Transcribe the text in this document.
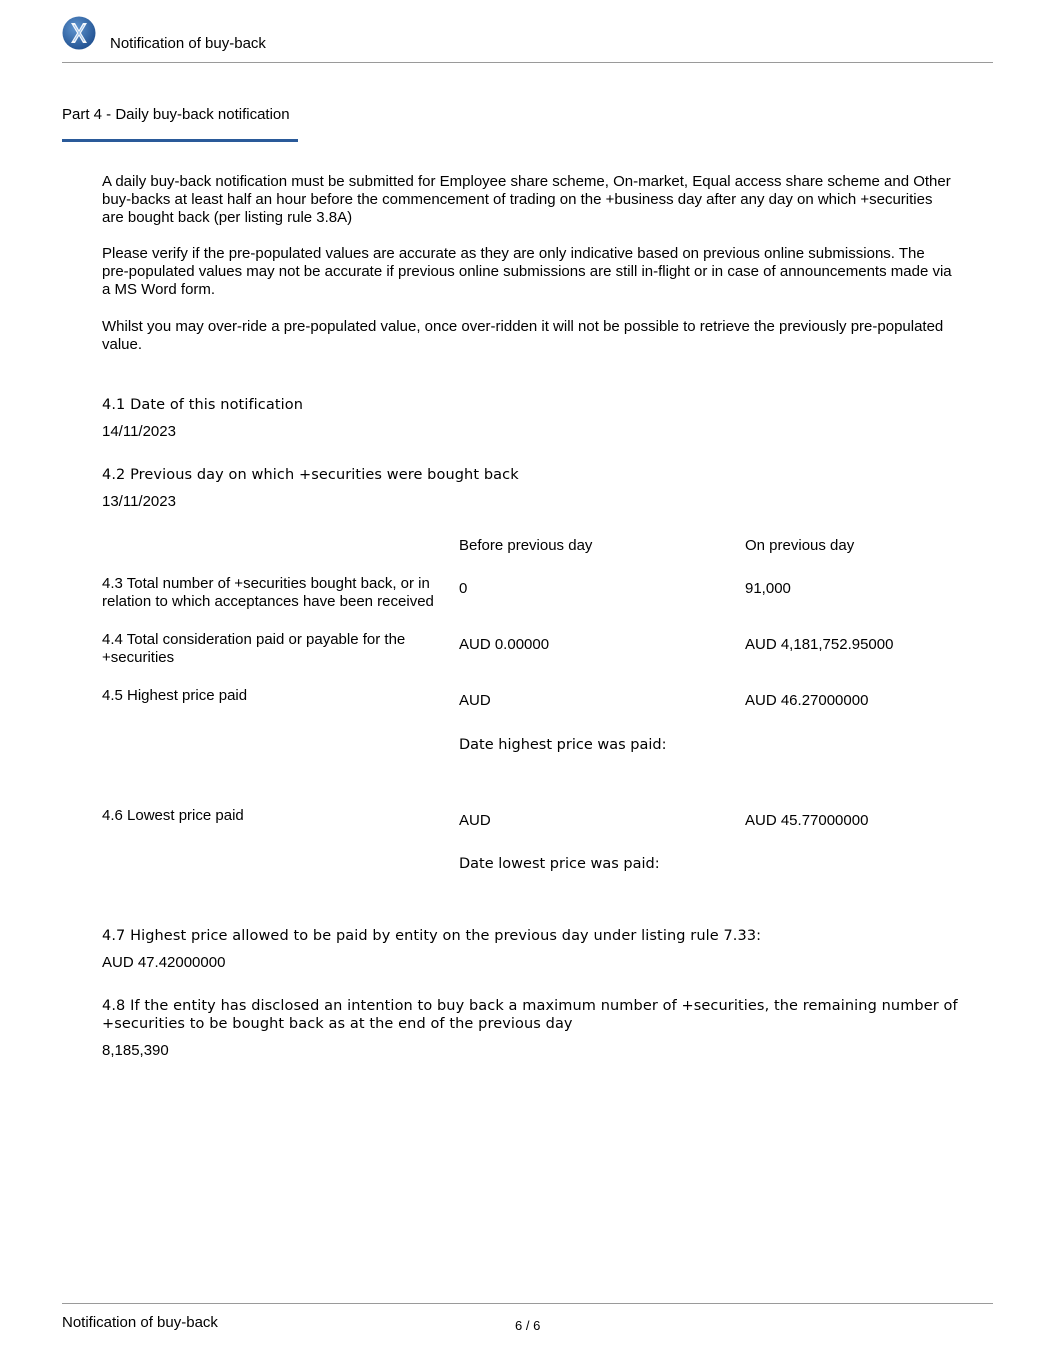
Notification of buy-back
Part 4 - Daily buy-back notification
A daily buy-back notification must be submitted for Employee share scheme, On-market, Equal access share scheme and Other buy-backs at least half an hour before the commencement of trading on the +business day after any day on which +securities are bought back (per listing rule 3.8A)
Please verify if the pre-populated values are accurate as they are only indicative based on previous online submissions. The pre-populated values may not be accurate if previous online submissions are still in-flight or in case of announcements made via a MS Word form.
Whilst you may over-ride a pre-populated value, once over-ridden it will not be possible to retrieve the previously pre-populated value.
4.1 Date of this notification
14/11/2023
4.2 Previous day on which +securities were bought back
13/11/2023
Before previous day	On previous day
4.3 Total number of +securities bought back, or in relation to which acceptances have been received
0	91,000
4.4 Total consideration paid or payable for the +securities
AUD 0.00000	AUD 4,181,752.95000
4.5 Highest price paid	AUD	AUD 46.27000000
Date highest price was paid:
4.6 Lowest price paid	AUD	AUD 45.77000000
Date lowest price was paid:
4.7 Highest price allowed to be paid by entity on the previous day under listing rule 7.33:
AUD 47.42000000
4.8 If the entity has disclosed an intention to buy back a maximum number of +securities, the remaining number of +securities to be bought back as at the end of the previous day
8,185,390
Notification of buy-back	6 / 6
